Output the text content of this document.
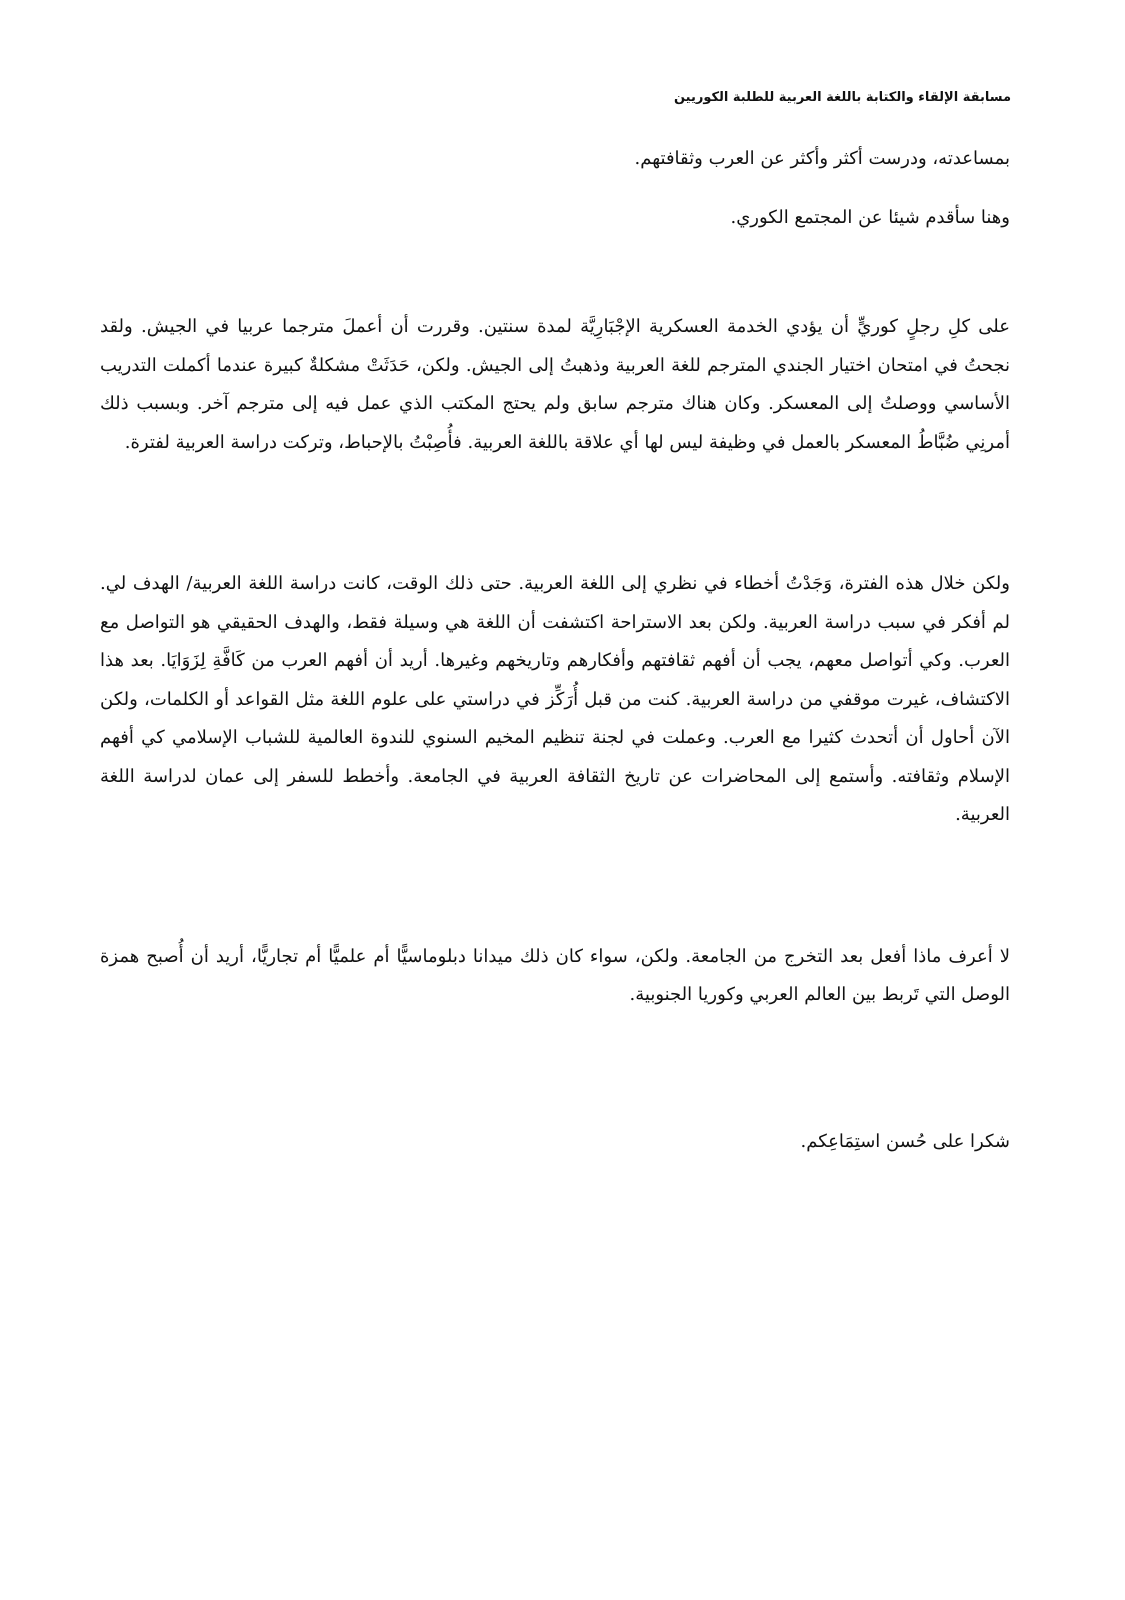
مسابقة الإلقاء والكتابة باللغة العربية للطلبة الكوريين

بمساعدته، ودرست أكثر وأكثر عن العرب وثقافتهم.

وهنا سأقدم شيئا عن المجتمع الكوري.

على كلِ رجلٍ كوريٍّ أن يؤدي الخدمة العسكرية الإجْبَارِيَّة لمدة سنتين. وقررت أن أعملَ مترجما عربيا في الجيش. ولقد نجحتُ في امتحان اختيار الجندي المترجم للغة العربية وذهبتُ إلى الجيش. ولكن، حَدَثَتْ مشكلةٌ كبيرة عندما أكملت التدريب الأساسي ووصلتُ إلى المعسكر. وكان هناك مترجم سابق ولم يحتج المكتب الذي عمل فيه إلى مترجم آخر. وبسبب ذلك أمرنِي ضُبَّاطُ المعسكر بالعمل في وظيفة ليس لها أي علاقة باللغة العربية. فأُصِبْتُ بالإحباط، وتركت دراسة العربية لفترة.

ولكن خلال هذه الفترة، وَجَدْتُ أخطاء في نظري إلى اللغة العربية. حتى ذلك الوقت، كانت دراسة اللغة العربية/ الهدف لي. لم أفكر في سبب دراسة العربية. ولكن بعد الاستراحة اكتشفت أن اللغة هي وسيلة فقط، والهدف الحقيقي هو التواصل مع العرب. وكي أتواصل معهم، يجب أن أفهم ثقافتهم وأفكارهم وتاريخهم وغيرها. أريد أن أفهم العرب من كَافَّةِ لِزَوَايَا. بعد هذا الاكتشاف، غيرت موقفي من دراسة العربية. كنت من قبل أُرَكِّز في دراستي على علوم اللغة مثل القواعد أو الكلمات، ولكن الآن أحاول أن أتحدث كثيرا مع العرب. وعملت في لجنة تنظيم المخيم السنوي للندوة العالمية للشباب الإسلامي كي أفهم الإسلام وثقافته. وأستمع إلى المحاضرات عن تاريخ الثقافة العربية في الجامعة. وأخطط للسفر إلى عمان لدراسة اللغة العربية.

لا أعرف ماذا أفعل بعد التخرج من الجامعة. ولكن، سواء كان ذلك ميدانا دبلوماسيًّا أم علميًّا أم تجاريًّا، أريد أن أُصبح همزة الوصل التي تَربط بين العالم العربي وكوريا الجنوبية.

شكرا على حُسن استِمَاعِكم.
